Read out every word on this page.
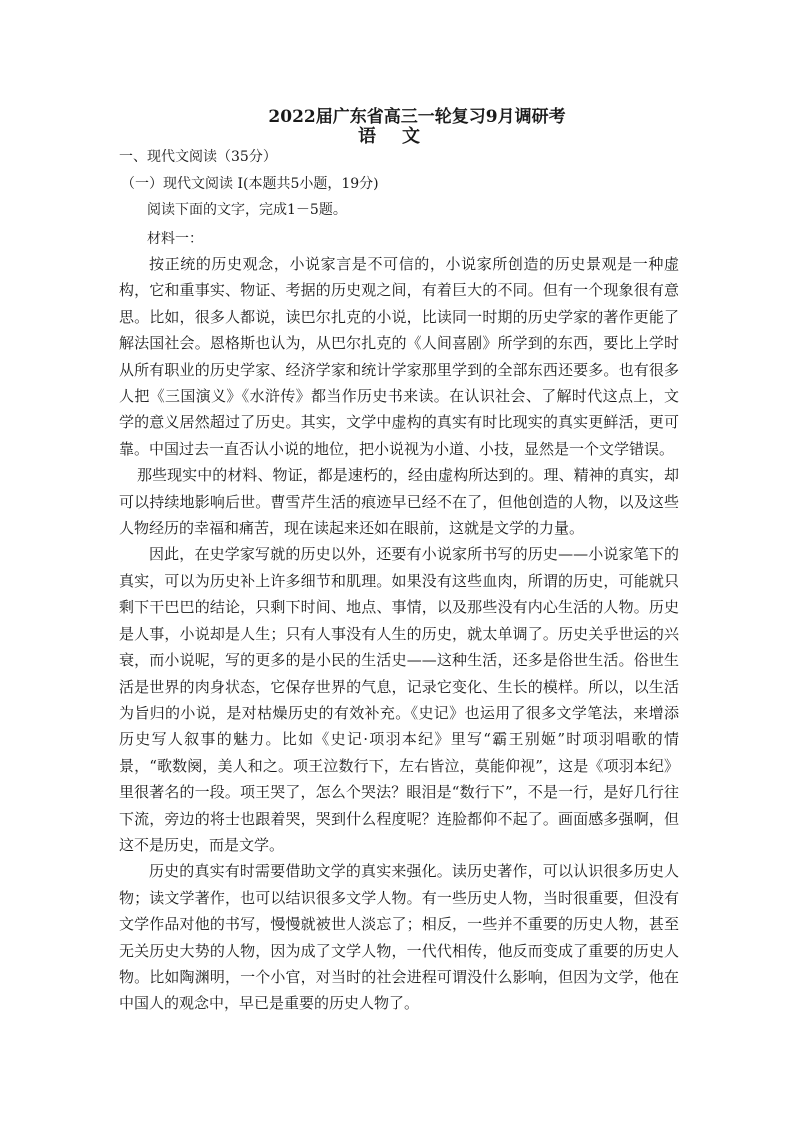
2022届广东省高三一轮复习9月调研考
语文
一、现代文阅读（35分）
（一）现代文阅读 I(本题共5小题，19分)
阅读下面的文字，完成1－5题。
材料一：

按正统的历史观念，小说家言是不可信的，小说家所创造的历史景观是一种虚构，它和重事实、物证、考据的历史观之间，有着巨大的不同。但有一个现象很有意思。比如，很多人都说，读巴尔扎克的小说，比读同一时期的历史学家的著作更能了解法国社会。恩格斯也认为，从巴尔扎克的《人间喜剧》所学到的东西，要比上学时从所有职业的历史学家、经济学家和统计学家那里学到的全部东西还要多。也有很多人把《三国演义》《水浒传》都当作历史书来读。在认识社会、了解时代这点上，文学的意义居然超过了历史。其实，文学中虚构的真实有时比现实的真实更鲜活，更可靠。中国过去一直否认小说的地位，把小说视为小道、小技，显然是一个文学错误。

那些现实中的材料、物证，都是速朽的，经由虚构所达到的。理、精神的真实，却可以持续地影响后世。曹雪芹生活的痕迹早已经不在了，但他创造的人物，以及这些人物经历的幸福和痛苦，现在读起来还如在眼前，这就是文学的力量。

因此，在史学家写就的历史以外，还要有小说家所书写的历史——小说家笔下的真实，可以为历史补上许多细节和肌理。如果没有这些血肉，所谓的历史，可能就只剩下干巴巴的结论，只剩下时间、地点、事情，以及那些没有内心生活的人物。历史是人事，小说却是人生；只有人事没有人生的历史，就太单调了。历史关乎世运的兴衰，而小说呢，写的更多的是小民的生活史——这种生活，还多是俗世生活。俗世生活是世界的肉身状态，它保存世界的气息，记录它变化、生长的模样。所以，以生活为旨归的小说，是对枯燥历史的有效补充。《史记》也运用了很多文学笔法，来增添历史写人叙事的魅力。比如《史记·项羽本纪》里写“霸王别姬”时项羽唱歌的情景，“歌数阕，美人和之。项王泣数行下，左右皆泣，莫能仰视”，这是《项羽本纪》里很著名的一段。项王哭了，怎么个哭法？眼泪是“数行下”，不是一行，是好几行往下流，旁边的将士也跟着哭，哭到什么程度呢？连脸都仰不起了。画面感多强啊，但这不是历史，而是文学。

历史的真实有时需要借助文学的真实来强化。读历史著作，可以认识很多历史人物；读文学著作，也可以结识很多文学人物。有一些历史人物，当时很重要，但没有文学作品对他的书写，慢慢就被世人淡忘了；相反，一些并不重要的历史人物，甚至无关历史大势的人物，因为成了文学人物，一代代相传，他反而变成了重要的历史人物。比如陶渊明，一个小官，对当时的社会进程可谓没什么影响，但因为文学，他在中国人的观念中，早已是重要的历史人物了。
